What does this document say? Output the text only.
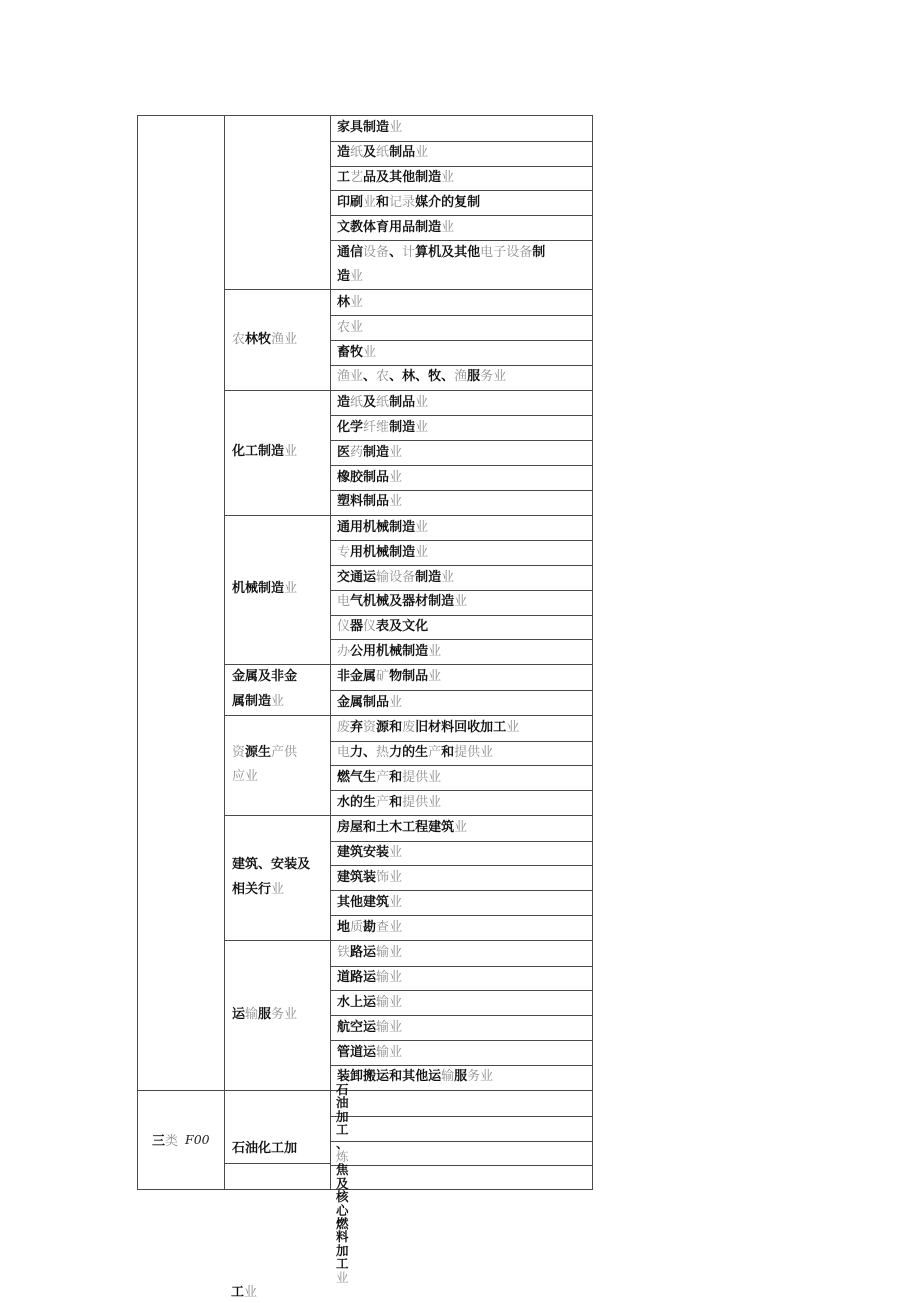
家具制造业
造纸及纸制品业
工艺品及其他制造业
印刷业和记录媒介的复制
文教体育用品制造业
通信设备、计算机及其他电子设备制
造业
农林牧渔业
林业
农业
畜牧业
渔业、农、林、牧、渔服务业
化工制造业
造纸及纸制品业
化学纤维制造业
医药制造业
橡胶制品业
塑料制品业
机械制造业
通用机械制造业
专用机械制造业
交通运输设备制造业
电气机械及器材制造业
仪器仪表及文化
办公用机械制造业
金属及非金
属制造业
非金属矿物制品业
金属制品业
资源生产供
应业
废弃资源和废旧材料回收加工业
电力、热力的生产和提供业
燃气生产和提供业
水的生产和提供业
建筑、安装及
相关行业
房屋和土木工程建筑业
建筑安装业
建筑装饰业
其他建筑业
地质勘查业
运输服务业
铁路运输业
道路运输业
水上运输业
航空运输业
管道运输业
装卸搬运和其他运输服务业
三类 F00
石油化工加
石油加工、炼焦及核心燃料加工业
工业
